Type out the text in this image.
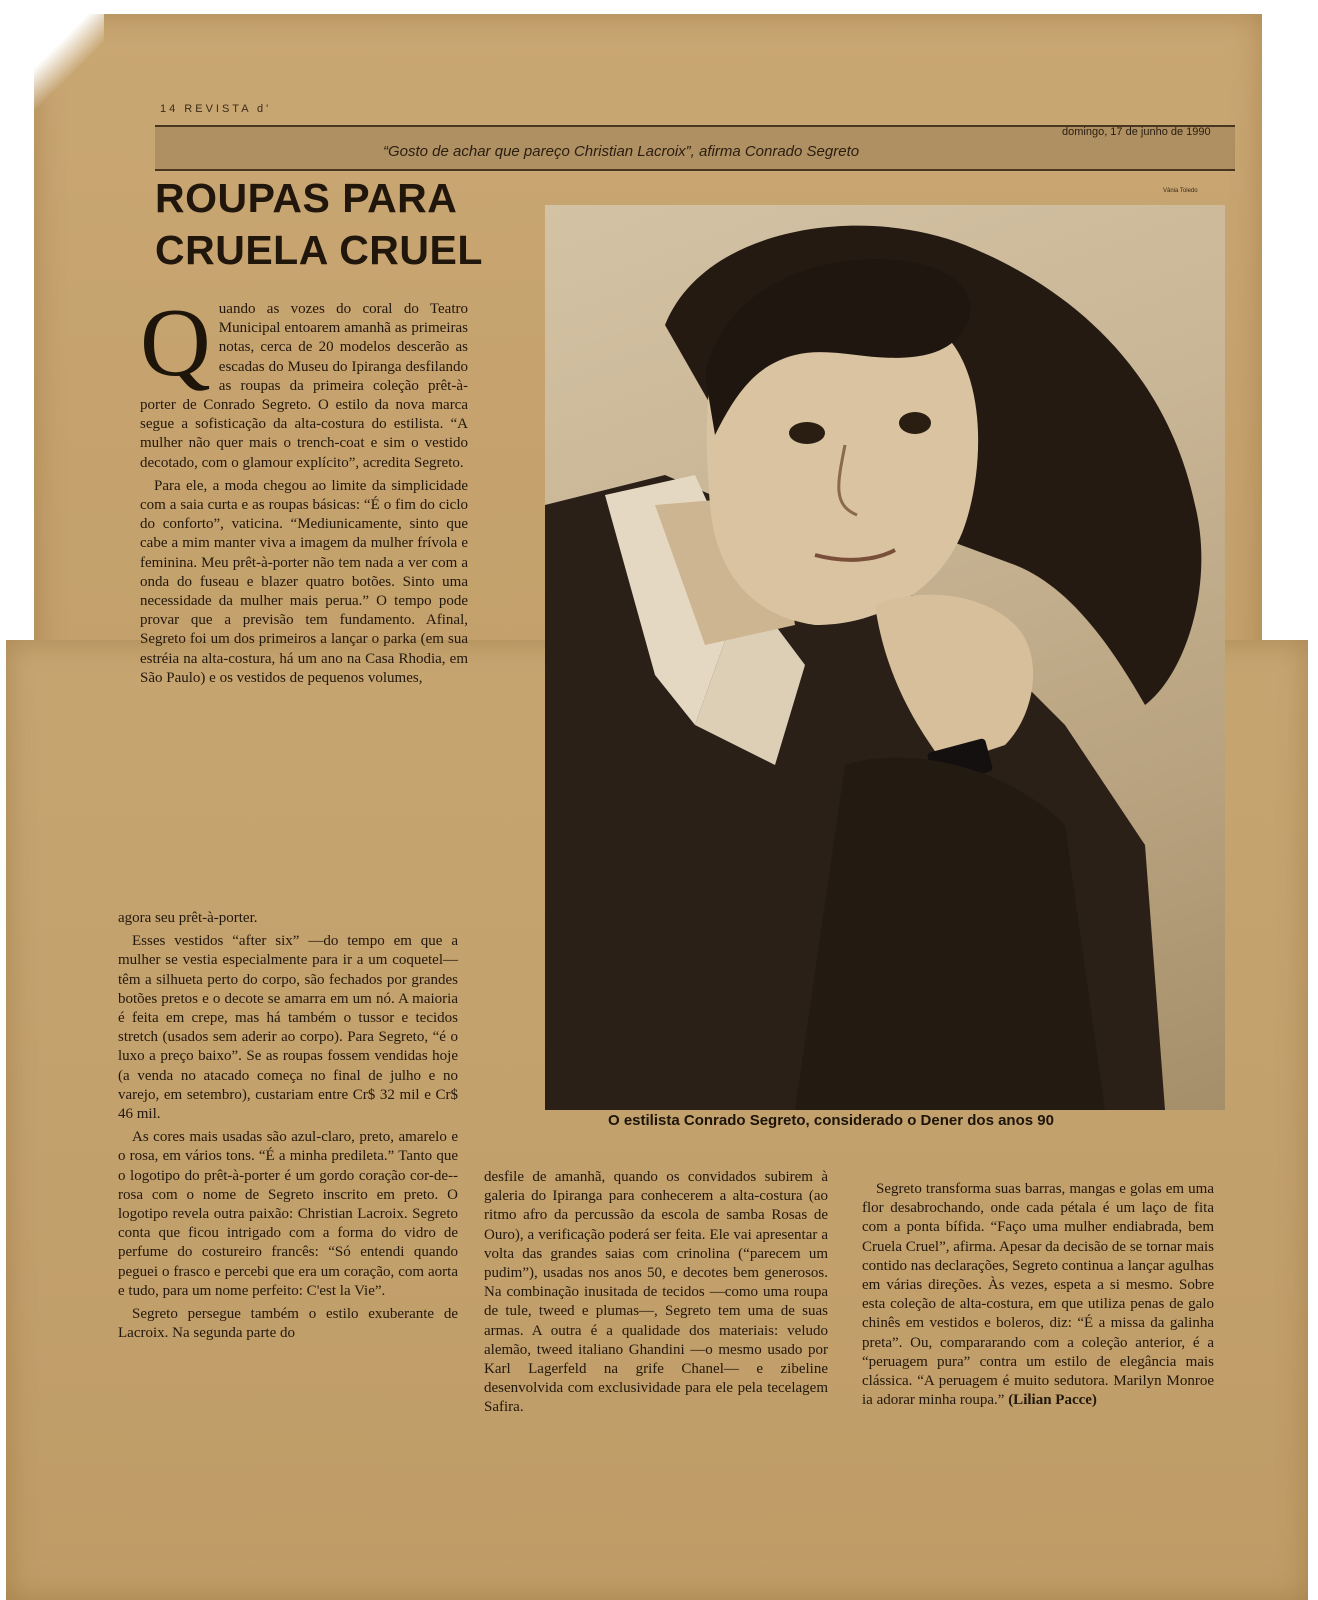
14 REVISTA d'
“Gosto de achar que pareço Christian Lacroix”, afirma Conrado Segreto
domingo, 17 de junho de 1990
ROUPAS PARA
CRUELA CRUEL
Vânia Toledo
O estilista Conrado Segreto, considerado o Dener dos anos 90

Q uando as vozes do coral do Teatro Municipal entoarem amanhã as primeiras notas, cerca de 20 modelos descerão as escadas do Museu do Ipiranga desfilando as roupas da primeira coleção prêt-à-porter de Conrado Segreto. O estilo da nova marca segue a sofisticação da alta-costura do estilista. “A mulher não quer mais o trench-coat e sim o vestido decotado, com o glamour explícito”, acredita Segreto.

Para ele, a moda chegou ao limite da simplicidade com a saia curta e as roupas básicas: “É o fim do ciclo do conforto”, vaticina. “Mediunicamente, sinto que cabe a mim manter viva a imagem da mulher frívola e feminina. Meu prêt-à-porter não tem nada a ver com a onda do fuseau e blazer quatro botões. Sinto uma necessidade da mulher mais perua.” O tempo pode provar que a previsão tem fundamento. Afinal, Segreto foi um dos primeiros a lançar o parka (em sua estréia na alta-costura, há um ano na Casa Rhodia, em São Paulo) e os vestidos de pequenos volumes,

agora seu prêt-à-porter.

Esses vestidos “after six” —do tempo em que a mulher se vestia especialmente para ir a um coquetel— têm a silhueta perto do corpo, são fechados por grandes botões pretos e o decote se amarra em um nó. A maioria é feita em crepe, mas há também o tussor e tecidos stretch (usados sem aderir ao corpo). Para Segreto, “é o luxo a preço baixo”. Se as roupas fossem vendidas hoje (a venda no atacado começa no final de julho e no varejo, em setembro), custariam entre Cr$ 32 mil e Cr$ 46 mil.

As cores mais usadas são azul-claro, preto, amarelo e o rosa, em vários tons. “É a minha predileta.” Tanto que o logotipo do prêt-à-porter é um gordo coração cor-de--rosa com o nome de Segreto inscrito em preto. O logotipo revela outra paixão: Christian Lacroix. Segreto conta que ficou intrigado com a forma do vidro de perfume do costureiro francês: “Só entendi quando peguei o frasco e percebi que era um coração, com aorta e tudo, para um nome perfeito: C'est la Vie”.

Segreto persegue também o estilo exuberante de Lacroix. Na segunda parte do

desfile de amanhã, quando os convidados subirem à galeria do Ipiranga para conhecerem a alta-costura (ao ritmo afro da percussão da escola de samba Rosas de Ouro), a verificação poderá ser feita. Ele vai apresentar a volta das grandes saias com crinolina (“parecem um pudim”), usadas nos anos 50, e decotes bem generosos. Na combinação inusitada de tecidos —como uma roupa de tule, tweed e plumas—, Segreto tem uma de suas armas. A outra é a qualidade dos materiais: veludo alemão, tweed italiano Ghandini —o mesmo usado por Karl Lagerfeld na grife Chanel— e zibeline desenvolvida com exclusividade para ele pela tecelagem Safira.

Segreto transforma suas barras, mangas e golas em uma flor desabrochando, onde cada pétala é um laço de fita com a ponta bífida. “Faço uma mulher endiabrada, bem Cruela Cruel”, afirma. Apesar da decisão de se tornar mais contido nas declarações, Segreto continua a lançar agulhas em várias direções. Às vezes, espeta a si mesmo. Sobre esta coleção de alta-costura, em que utiliza penas de galo chinês em vestidos e boleros, diz: “É a missa da galinha preta”. Ou, compararando com a coleção anterior, é a “peruagem pura” contra um estilo de elegância mais clássica. “A peruagem é muito sedutora. Marilyn Monroe ia adorar minha roupa.” (Lilian Pacce)
